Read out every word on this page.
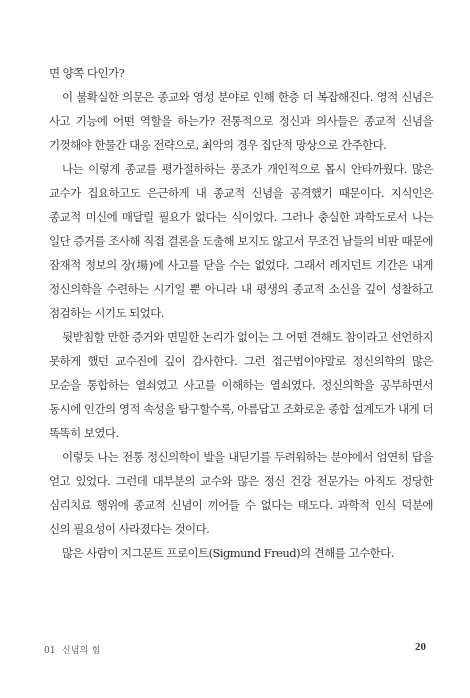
면 양쪽 다인가?

이 불확실한 의문은 종교와 영성 분야로 인해 한층 더 복잡해진다. 영적 신념은 사고 기능에 어떤 역할을 하는가? 전통적으로 정신과 의사들은 종교적 신념을 기껏해야 한물간 대응 전략으로, 최악의 경우 집단적 망상으로 간주한다.

나는 이렇게 종교를 평가절하하는 풍조가 개인적으로 몹시 안타까웠다. 많은 교수가 집요하고도 은근하게 내 종교적 신념을 공격했기 때문이다. 지식인은 종교적 미신에 매달릴 필요가 없다는 식이었다. 그러나 충실한 과학도로서 나는 일단 증거를 조사해 직접 결론을 도출해 보지도 않고서 무조건 남들의 비판 때문에 잠재적 정보의 장(場)에 사고를 닫을 수는 없었다. 그래서 레지던트 기간은 내게 정신의학을 수련하는 시기일 뿐 아니라 내 평생의 종교적 소신을 깊이 성찰하고 점검하는 시기도 되었다.

뒷받침할 만한 증거와 면밀한 논리가 없이는 그 어떤 견해도 참이라고 선언하지 못하게 했던 교수진에 깊이 감사한다. 그런 접근법이야말로 정신의학의 많은 모순을 통합하는 열쇠였고 사고를 이해하는 열쇠였다. 정신의학을 공부하면서 동시에 인간의 영적 속성을 탐구할수록, 아름답고 조화로운 종합 설계도가 내게 더 똑똑히 보였다.

이렇듯 나는 전통 정신의학이 발을 내딛기를 두려워하는 분야에서 엄연히 답을 얻고 있었다. 그런데 대부분의 교수와 많은 정신 건강 전문가는 아직도 정당한 심리치료 행위에 종교적 신념이 끼어들 수 없다는 태도다. 과학적 인식 덕분에 신의 필요성이 사라졌다는 것이다.

많은 사람이 지그문트 프로이트(Sigmund Freud)의 견해를 고수한다.

01 신념의 힘	20
